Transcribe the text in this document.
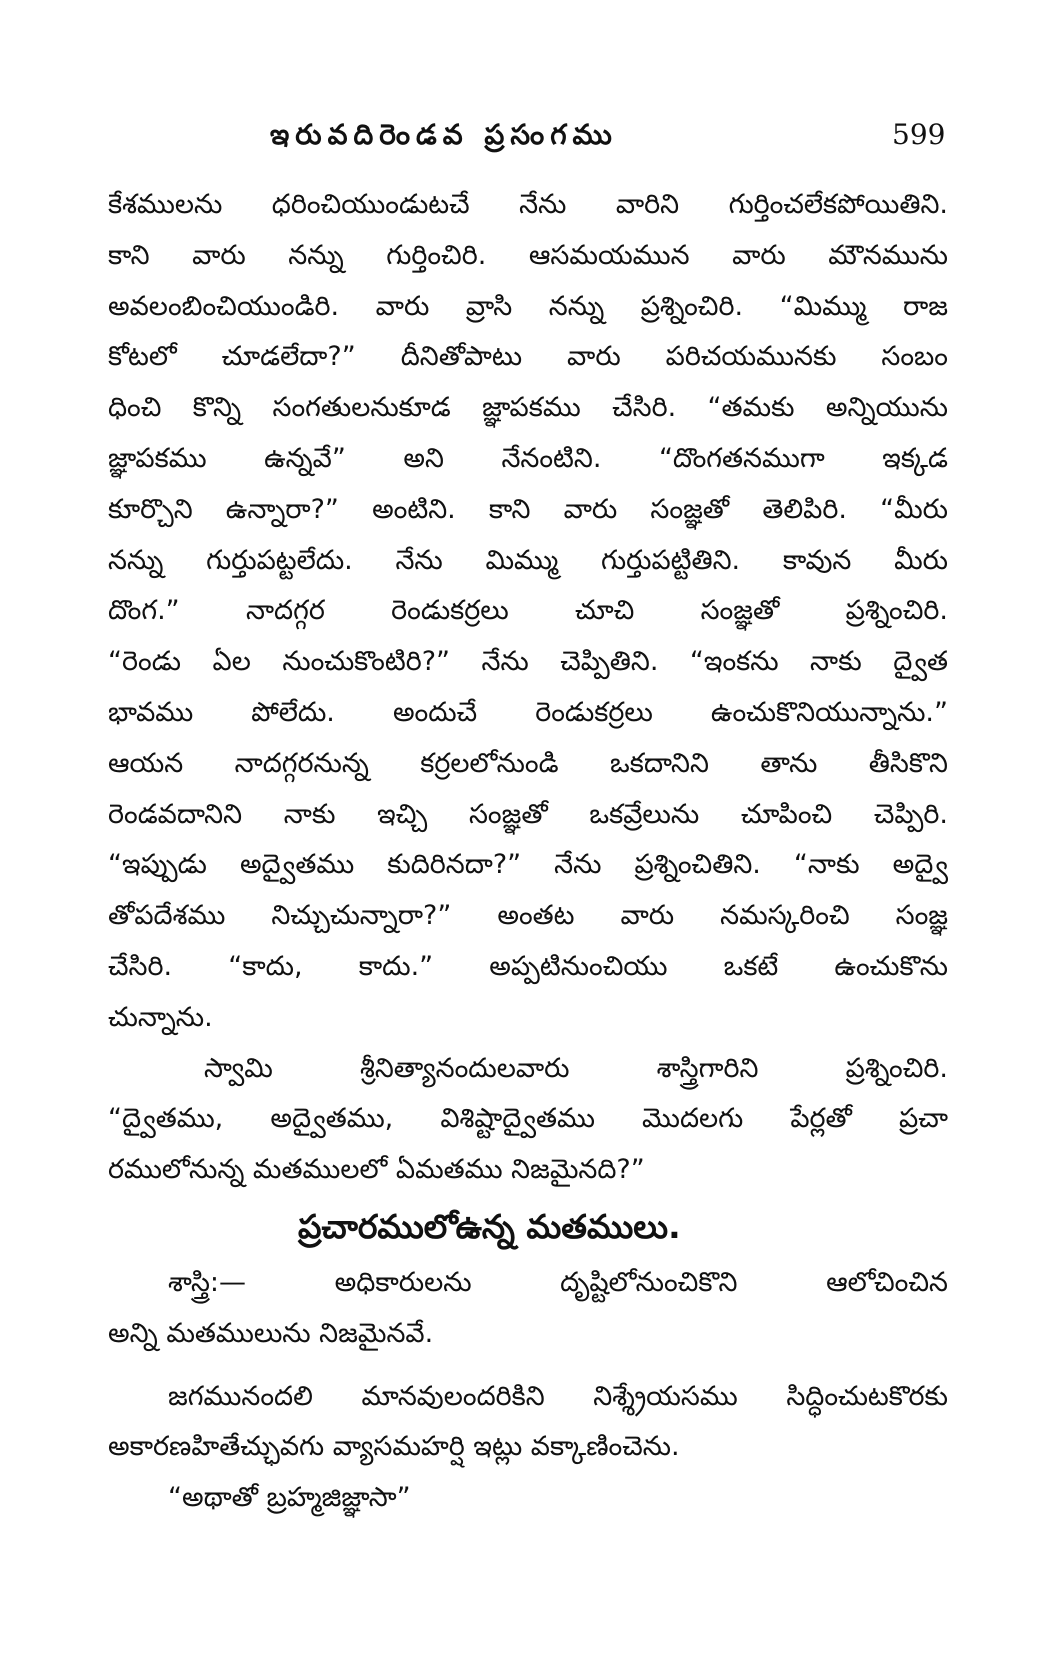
ఇరువదిరెండవ ప్రసంగము	599
కేశములను ధరించియుండుటచే నేను వారిని గుర్తించలేకపోయితిని.
కాని వారు నన్ను గుర్తించిరి. ఆసమయమున వారు మౌనమును
అవలంబించియుండిరి. వారు వ్రాసి నన్ను ప్రశ్నించిరి. “మిమ్ము రాజ
కోటలో చూడలేదా?” దీనితోపాటు వారు పరిచయమునకు సంబం
ధించి కొన్ని సంగతులనుకూడ జ్ఞాపకము చేసిరి. “తమకు అన్నియును
జ్ఞాపకము ఉన్నవే” అని నేనంటిని. “దొంగతనముగా ఇక్కడ
కూర్చొని ఉన్నారా?” అంటిని. కాని వారు సంజ్ఞతో తెలిపిరి. “మీరు
నన్ను గుర్తుపట్టలేదు. నేను మిమ్ము గుర్తుపట్టితిని. కావున మీరు
దొంగ.” నాదగ్గర రెండుకర్రలు చూచి సంజ్ఞతో ప్రశ్నించిరి.
“రెండు ఏల నుంచుకొంటిరి?” నేను చెప్పితిని. “ఇంకను నాకు ద్వైత
భావము పోలేదు. అందుచే రెండుకర్రలు ఉంచుకొనియున్నాను.”
ఆయన నాదగ్గరనున్న కర్రలలోనుండి ఒకదానిని తాను తీసికొని
రెండవదానిని నాకు ఇచ్చి సంజ్ఞతో ఒకవ్రేలును చూపించి చెప్పిరి.
“ఇప్పుడు అద్వైతము కుదిరినదా?” నేను ప్రశ్నించితిని. “నాకు అద్వై
తోపదేశము నిచ్చుచున్నారా?” అంతట వారు నమస్కరించి సంజ్ఞ
చేసిరి. “కాదు, కాదు.” అప్పటినుంచియు ఒకటే ఉంచుకొను
చున్నాను.
స్వామి శ్రీనిత్యానందులవారు శాస్త్రిగారిని ప్రశ్నించిరి.
“ద్వైతము, అద్వైతము, విశిష్టాద్వైతము మొదలగు పేర్లతో ప్రచా
రములోనున్న మతములలో ఏమతము నిజమైనది?”
ప్రచారములోఉన్న మతములు.
శాస్త్రి:— అధికారులను దృష్టిలోనుంచికొని ఆలోచించిన
అన్ని మతములును నిజమైనవే.
జగమునందలి మానవులందరికిని నిశ్శ్రేయసము సిద్ధించుటకొరకు
అకారణహితేచ్ఛువగు వ్యాసమహర్షి ఇట్లు వక్కాణించెను.
“అథాతో బ్రహ్మజిజ్ఞాసా”
